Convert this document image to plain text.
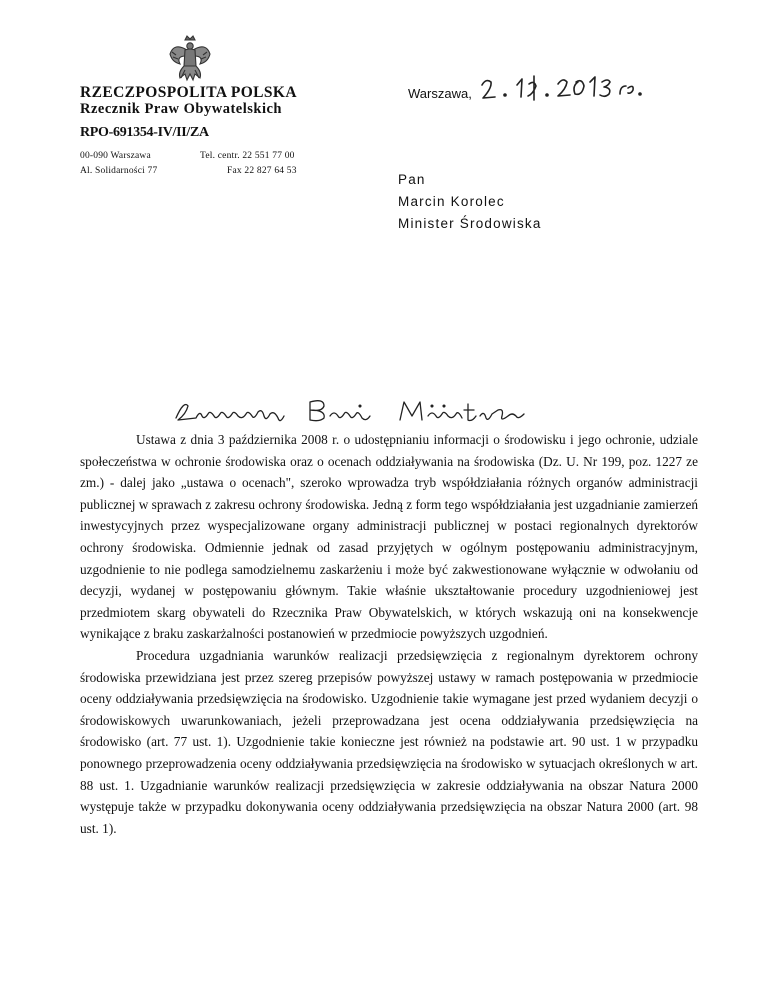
RZECZPOSPOLITA POLSKA
Rzecznik Praw Obywatelskich
RPO-691354-IV/II/ZA
00-090 Warszawa
Al. Solidarności 77
Tel. centr. 22 551 77 00
Fax 22 827 64 53
Warszawa,
Pan
Marcin Korolec
Minister Środowiska

Ustawa z dnia 3 października 2008 r. o udostępnianiu informacji o środowisku i jego ochronie, udziale społeczeństwa w ochronie środowiska oraz o ocenach oddziaływania na środowiska (Dz. U. Nr 199, poz. 1227 ze zm.) - dalej jako „ustawa o ocenach", szeroko wprowadza tryb współdziałania różnych organów administracji publicznej w sprawach z zakresu ochrony środowiska. Jedną z form tego współdziałania jest uzgadnianie zamierzeń inwestycyjnych przez wyspecjalizowane organy administracji publicznej w postaci regionalnych dyrektorów ochrony środowiska. Odmiennie jednak od zasad przyjętych w ogólnym postępowaniu administracyjnym, uzgodnienie to nie podlega samodzielnemu zaskarżeniu i może być zakwestionowane wyłącznie w odwołaniu od decyzji, wydanej w postępowaniu głównym. Takie właśnie ukształtowanie procedury uzgodnieniowej jest przedmiotem skarg obywateli do Rzecznika Praw Obywatelskich, w których wskazują oni na konsekwencje wynikające z braku zaskarżalności postanowień w przedmiocie powyższych uzgodnień.

Procedura uzgadniania warunków realizacji przedsięwzięcia z regionalnym dyrektorem ochrony środowiska przewidziana jest przez szereg przepisów powyższej ustawy w ramach postępowania w przedmiocie oceny oddziaływania przedsięwzięcia na środowisko. Uzgodnienie takie wymagane jest przed wydaniem decyzji o środowiskowych uwarunkowaniach, jeżeli przeprowadzana jest ocena oddziaływania przedsięwzięcia na środowisko (art. 77 ust. 1). Uzgodnienie takie konieczne jest również na podstawie art. 90 ust. 1 w przypadku ponownego przeprowadzenia oceny oddziaływania przedsięwzięcia na środowisko w sytuacjach określonych w art. 88 ust. 1. Uzgadnianie warunków realizacji przedsięwzięcia w zakresie oddziaływania na obszar Natura 2000 występuje także w przypadku dokonywania oceny oddziaływania przedsięwzięcia na obszar Natura 2000 (art. 98 ust. 1).
